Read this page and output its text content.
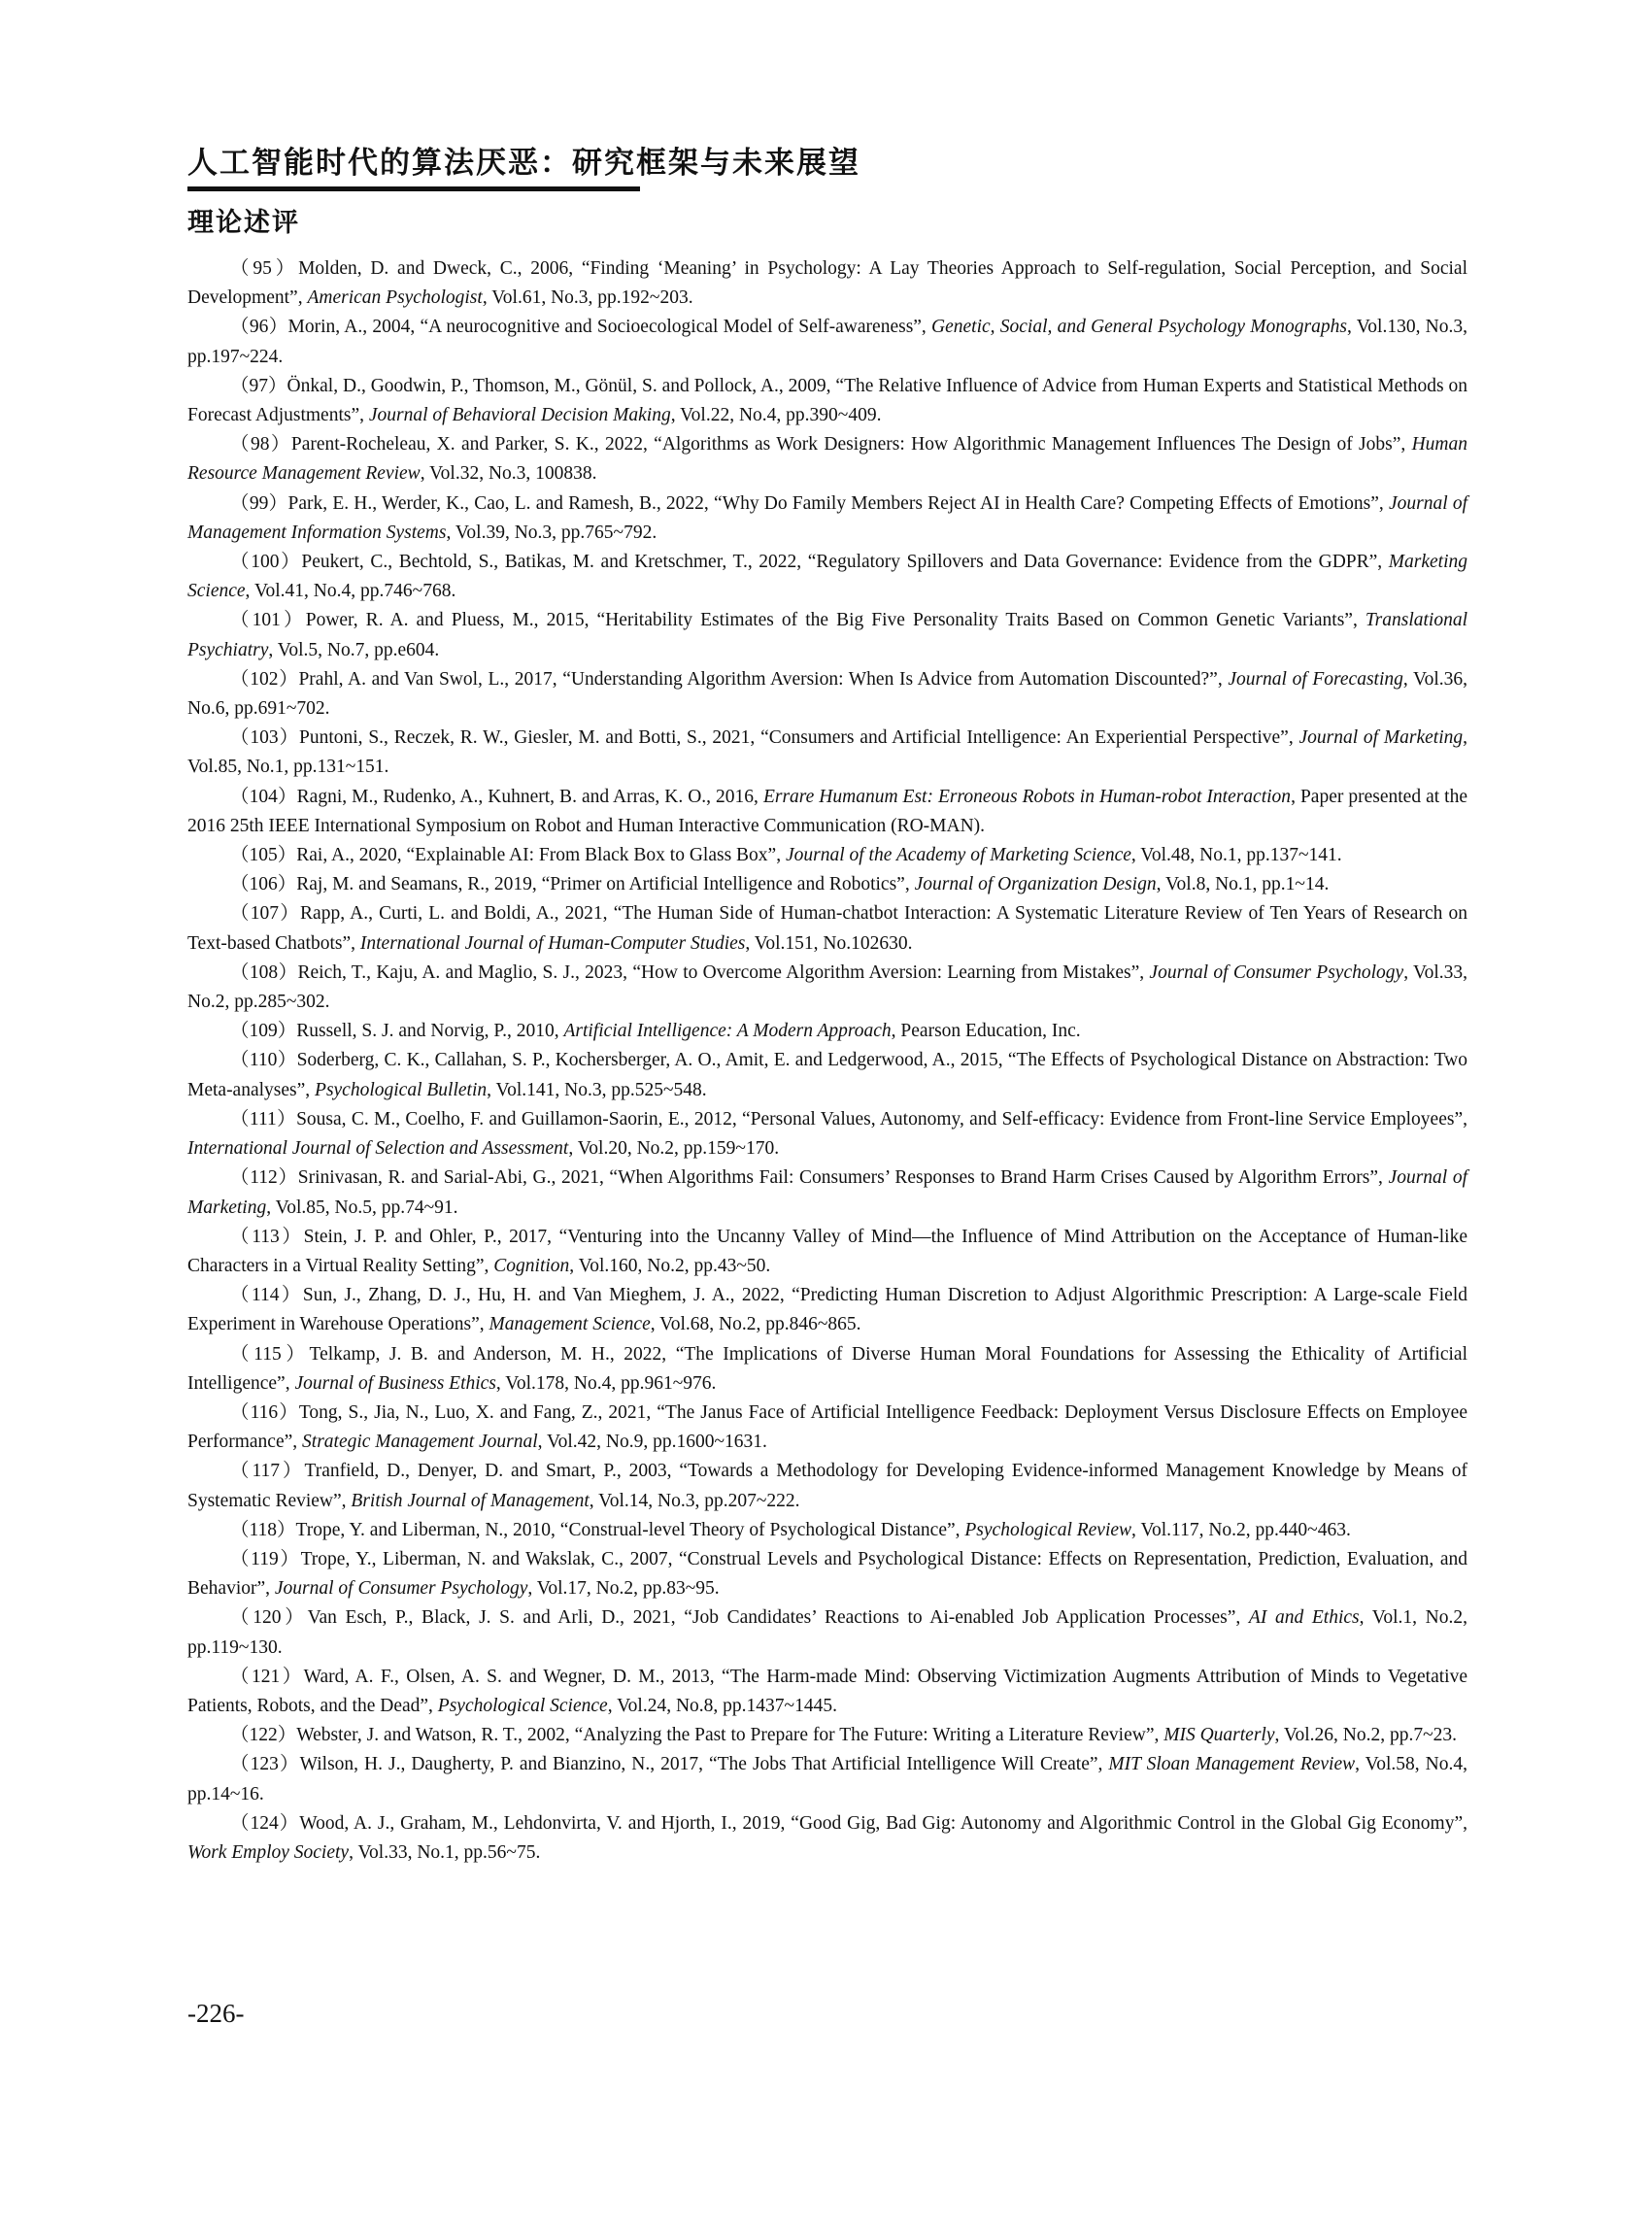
人工智能时代的算法厌恶：研究框架与未来展望
理论述评

（95）Molden, D. and Dweck, C., 2006, “Finding ‘Meaning’ in Psychology: A Lay Theories Approach to Self-regulation, Social Perception, and Social Development”, American Psychologist, Vol.61, No.3, pp.192~203.

（96）Morin, A., 2004, “A neurocognitive and Socioecological Model of Self-awareness”, Genetic, Social, and General Psychology Monographs, Vol.130, No.3, pp.197~224.

（97）Önkal, D., Goodwin, P., Thomson, M., Gönül, S. and Pollock, A., 2009, “The Relative Influence of Advice from Human Experts and Statistical Methods on Forecast Adjustments”, Journal of Behavioral Decision Making, Vol.22, No.4, pp.390~409.

（98）Parent-Rocheleau, X. and Parker, S. K., 2022, “Algorithms as Work Designers: How Algorithmic Management Influences The Design of Jobs”, Human Resource Management Review, Vol.32, No.3, 100838.

（99）Park, E. H., Werder, K., Cao, L. and Ramesh, B., 2022, “Why Do Family Members Reject AI in Health Care? Competing Effects of Emotions”, Journal of Management Information Systems, Vol.39, No.3, pp.765~792.

（100）Peukert, C., Bechtold, S., Batikas, M. and Kretschmer, T., 2022, “Regulatory Spillovers and Data Governance: Evidence from the GDPR”, Marketing Science, Vol.41, No.4, pp.746~768.

（101）Power, R. A. and Pluess, M., 2015, “Heritability Estimates of the Big Five Personality Traits Based on Common Genetic Variants”, Translational Psychiatry, Vol.5, No.7, pp.e604.

（102）Prahl, A. and Van Swol, L., 2017, “Understanding Algorithm Aversion: When Is Advice from Automation Discounted?”, Journal of Forecasting, Vol.36, No.6, pp.691~702.

（103）Puntoni, S., Reczek, R. W., Giesler, M. and Botti, S., 2021, “Consumers and Artificial Intelligence: An Experiential Perspective”, Journal of Marketing, Vol.85, No.1, pp.131~151.

（104）Ragni, M., Rudenko, A., Kuhnert, B. and Arras, K. O., 2016, Errare Humanum Est: Erroneous Robots in Human-robot Interaction, Paper presented at the 2016 25th IEEE International Symposium on Robot and Human Interactive Communication (RO-MAN).

（105）Rai, A., 2020, “Explainable AI: From Black Box to Glass Box”, Journal of the Academy of Marketing Science, Vol.48, No.1, pp.137~141.

（106）Raj, M. and Seamans, R., 2019, “Primer on Artificial Intelligence and Robotics”, Journal of Organization Design, Vol.8, No.1, pp.1~14.

（107）Rapp, A., Curti, L. and Boldi, A., 2021, “The Human Side of Human-chatbot Interaction: A Systematic Literature Review of Ten Years of Research on Text-based Chatbots”, International Journal of Human-Computer Studies, Vol.151, No.102630.

（108）Reich, T., Kaju, A. and Maglio, S. J., 2023, “How to Overcome Algorithm Aversion: Learning from Mistakes”, Journal of Consumer Psychology, Vol.33, No.2, pp.285~302.

（109）Russell, S. J. and Norvig, P., 2010, Artificial Intelligence: A Modern Approach, Pearson Education, Inc.

（110）Soderberg, C. K., Callahan, S. P., Kochersberger, A. O., Amit, E. and Ledgerwood, A., 2015, “The Effects of Psychological Distance on Abstraction: Two Meta-analyses”, Psychological Bulletin, Vol.141, No.3, pp.525~548.

（111）Sousa, C. M., Coelho, F. and Guillamon-Saorin, E., 2012, “Personal Values, Autonomy, and Self-efficacy: Evidence from Front-line Service Employees”, International Journal of Selection and Assessment, Vol.20, No.2, pp.159~170.

（112）Srinivasan, R. and Sarial-Abi, G., 2021, “When Algorithms Fail: Consumers’ Responses to Brand Harm Crises Caused by Algorithm Errors”, Journal of Marketing, Vol.85, No.5, pp.74~91.

（113）Stein, J. P. and Ohler, P., 2017, “Venturing into the Uncanny Valley of Mind—the Influence of Mind Attribution on the Acceptance of Human-like Characters in a Virtual Reality Setting”, Cognition, Vol.160, No.2, pp.43~50.

（114）Sun, J., Zhang, D. J., Hu, H. and Van Mieghem, J. A., 2022, “Predicting Human Discretion to Adjust Algorithmic Prescription: A Large-scale Field Experiment in Warehouse Operations”, Management Science, Vol.68, No.2, pp.846~865.

（115）Telkamp, J. B. and Anderson, M. H., 2022, “The Implications of Diverse Human Moral Foundations for Assessing the Ethicality of Artificial Intelligence”, Journal of Business Ethics, Vol.178, No.4, pp.961~976.

（116）Tong, S., Jia, N., Luo, X. and Fang, Z., 2021, “The Janus Face of Artificial Intelligence Feedback: Deployment Versus Disclosure Effects on Employee Performance”, Strategic Management Journal, Vol.42, No.9, pp.1600~1631.

（117）Tranfield, D., Denyer, D. and Smart, P., 2003, “Towards a Methodology for Developing Evidence-informed Management Knowledge by Means of Systematic Review”, British Journal of Management, Vol.14, No.3, pp.207~222.

（118）Trope, Y. and Liberman, N., 2010, “Construal-level Theory of Psychological Distance”, Psychological Review, Vol.117, No.2, pp.440~463.

（119）Trope, Y., Liberman, N. and Wakslak, C., 2007, “Construal Levels and Psychological Distance: Effects on Representation, Prediction, Evaluation, and Behavior”, Journal of Consumer Psychology, Vol.17, No.2, pp.83~95.

（120）Van Esch, P., Black, J. S. and Arli, D., 2021, “Job Candidates’ Reactions to Ai-enabled Job Application Processes”, AI and Ethics, Vol.1, No.2, pp.119~130.

（121）Ward, A. F., Olsen, A. S. and Wegner, D. M., 2013, “The Harm-made Mind: Observing Victimization Augments Attribution of Minds to Vegetative Patients, Robots, and the Dead”, Psychological Science, Vol.24, No.8, pp.1437~1445.

（122）Webster, J. and Watson, R. T., 2002, “Analyzing the Past to Prepare for The Future: Writing a Literature Review”, MIS Quarterly, Vol.26, No.2, pp.7~23.

（123）Wilson, H. J., Daugherty, P. and Bianzino, N., 2017, “The Jobs That Artificial Intelligence Will Create”, MIT Sloan Management Review, Vol.58, No.4, pp.14~16.

（124）Wood, A. J., Graham, M., Lehdonvirta, V. and Hjorth, I., 2019, “Good Gig, Bad Gig: Autonomy and Algorithmic Control in the Global Gig Economy”, Work Employ Society, Vol.33, No.1, pp.56~75.

-226-
